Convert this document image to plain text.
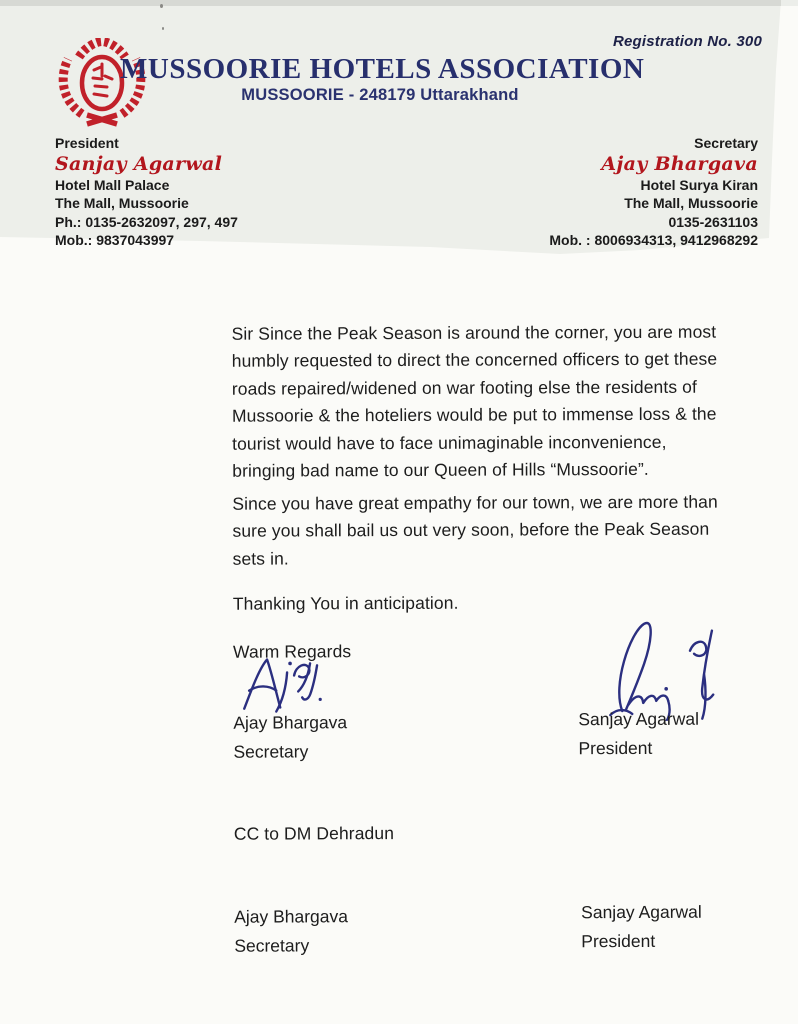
Registration No. 300
MUSSOORIE HOTELS ASSOCIATION
MUSSOORIE - 248179 Uttarakhand
President
Sanjay Agarwal
Hotel Mall Palace
The Mall, Mussoorie
Ph.: 0135-2632097, 297, 497
Mob.: 9837043997
Secretary
Ajay Bhargava
Hotel Surya Kiran
The Mall, Mussoorie
0135-2631103
Mob. : 8006934313, 9412968292
Sir Since the Peak Season is around the corner, you are most
humbly requested to direct the concerned officers to get these
roads repaired/widened on war footing else the residents of
Mussoorie & the hoteliers would be put to immense loss & the
tourist would have to face unimaginable inconvenience,
bringing bad name to our Queen of Hills “Mussoorie”.
Since you have great empathy for our town, we are more than
sure you shall bail us out very soon, before the Peak Season
sets in.
Thanking You in anticipation.
Warm Regards
Ajay Bhargava
Secretary
Sanjay Agarwal
President
CC to DM Dehradun
Ajay Bhargava
Secretary
Sanjay Agarwal
President
